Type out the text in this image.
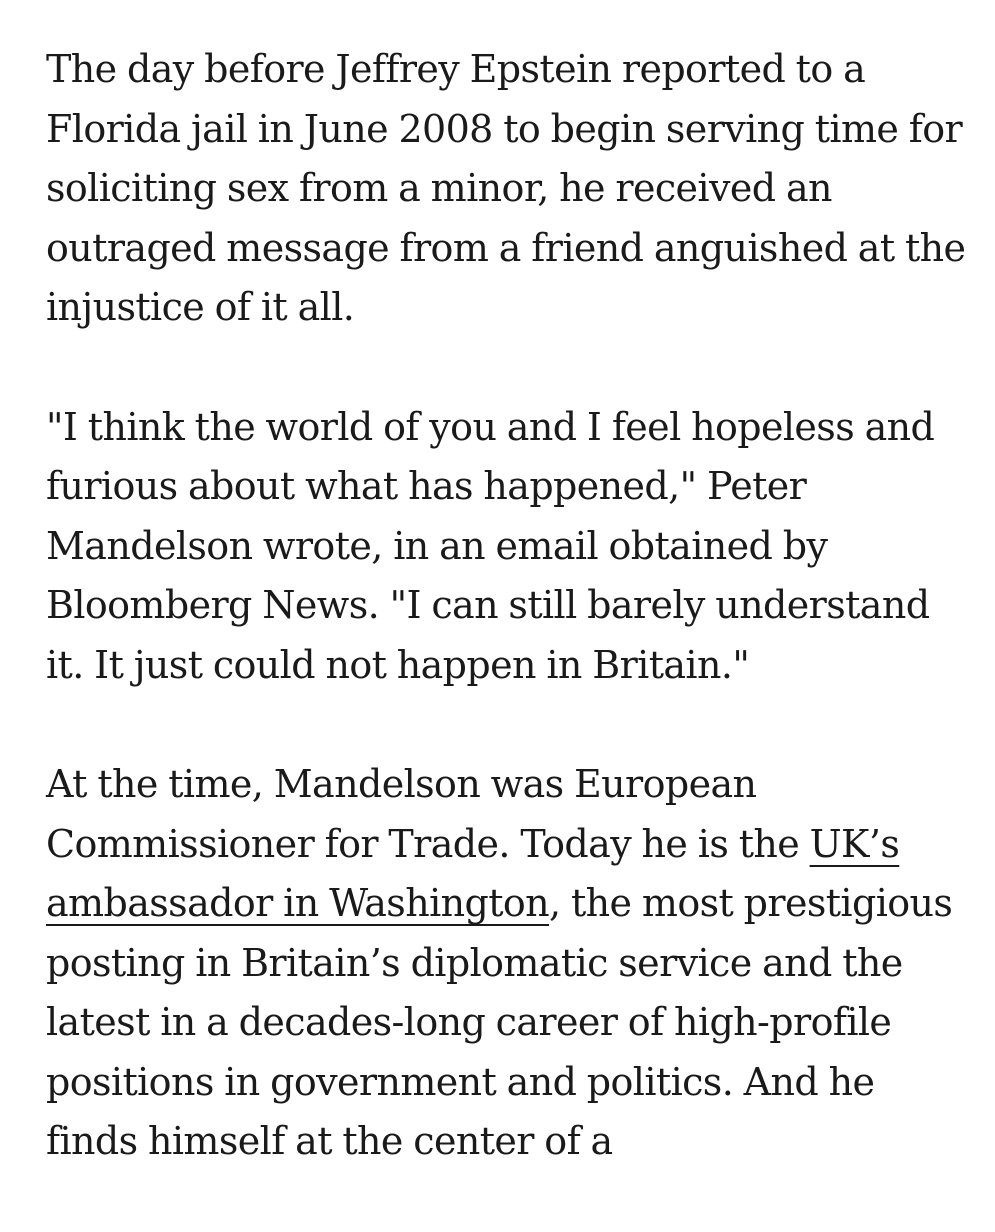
The day before Jeffrey Epstein reported to a Florida jail in June 2008 to begin serving time for soliciting sex from a minor, he received an outraged message from a friend anguished at the injustice of it all.

"I think the world of you and I feel hopeless and furious about what has happened," Peter Mandelson wrote, in an email obtained by Bloomberg News. "I can still barely understand it. It just could not happen in Britain."

At the time, Mandelson was European Commissioner for Trade. Today he is the UK’s ambassador in Washington, the most prestigious posting in Britain’s diplomatic service and the latest in a decades-long career of high-profile positions in government and politics. And he finds himself at the center of a
